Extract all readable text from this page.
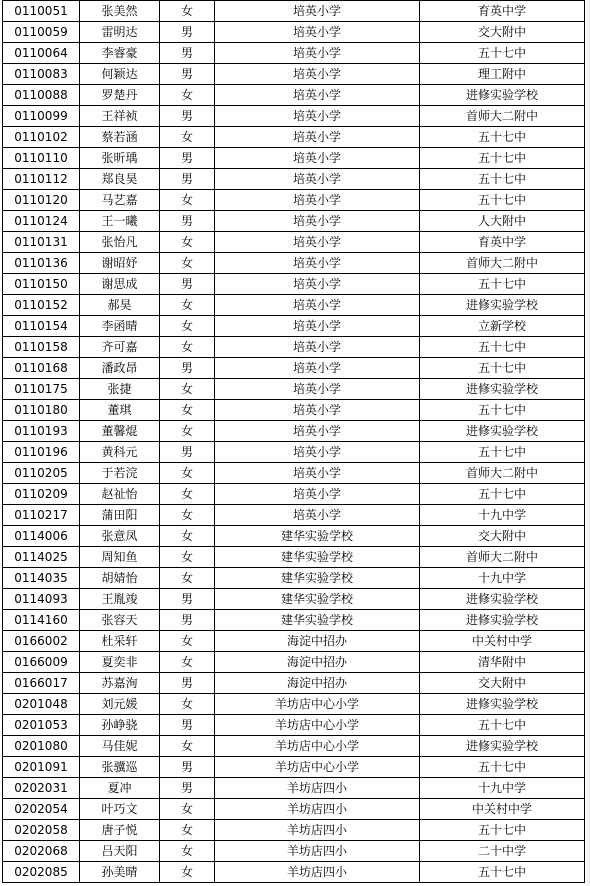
0110051	张美然	女	培英小学	育英中学
0110059	雷明达	男	培英小学	交大附中
0110064	李睿豪	男	培英小学	五十七中
0110083	何颖达	男	培英小学	理工附中
0110088	罗楚丹	女	培英小学	进修实验学校
0110099	王祥祯	男	培英小学	首师大二附中
0110102	蔡若涵	女	培英小学	五十七中
0110110	张昕瑀	男	培英小学	五十七中
0110112	郑良昊	男	培英小学	五十七中
0110120	马艺嘉	女	培英小学	五十七中
0110124	王一曦	男	培英小学	人大附中
0110131	张怡凡	女	培英小学	育英中学
0110136	谢昭妤	女	培英小学	首师大二附中
0110150	谢思成	男	培英小学	五十七中
0110152	郝昊	女	培英小学	进修实验学校
0110154	李函晴	女	培英小学	立新学校
0110158	齐可嘉	女	培英小学	五十七中
0110168	潘政昂	男	培英小学	五十七中
0110175	张捷	女	培英小学	进修实验学校
0110180	董琪	女	培英小学	五十七中
0110193	董馨焜	女	培英小学	进修实验学校
0110196	黄科元	男	培英小学	五十七中
0110205	于若浣	女	培英小学	首师大二附中
0110209	赵祉怡	女	培英小学	五十七中
0110217	蒲田阳	女	培英小学	十九中学
0114006	张意凤	女	建华实验学校	交大附中
0114025	周知鱼	女	建华实验学校	首师大二附中
0114035	胡婧怡	女	建华实验学校	十九中学
0114093	王胤竣	男	建华实验学校	进修实验学校
0114160	张容天	男	建华实验学校	进修实验学校
0166002	杜采轩	女	海淀中招办	中关村中学
0166009	夏奕非	女	海淀中招办	清华附中
0166017	苏嘉洵	男	海淀中招办	交大附中
0201048	刘元媛	女	羊坊店中心小学	进修实验学校
0201053	孙峥骁	男	羊坊店中心小学	五十七中
0201080	马佳妮	女	羊坊店中心小学	进修实验学校
0201091	张骥巡	男	羊坊店中心小学	五十七中
0202031	夏冲	男	羊坊店四小	十九中学
0202054	叶巧文	女	羊坊店四小	中关村中学
0202058	唐子悦	女	羊坊店四小	五十七中
0202068	吕天阳	女	羊坊店四小	二十中学
0202085	孙美晴	女	羊坊店四小	五十七中
